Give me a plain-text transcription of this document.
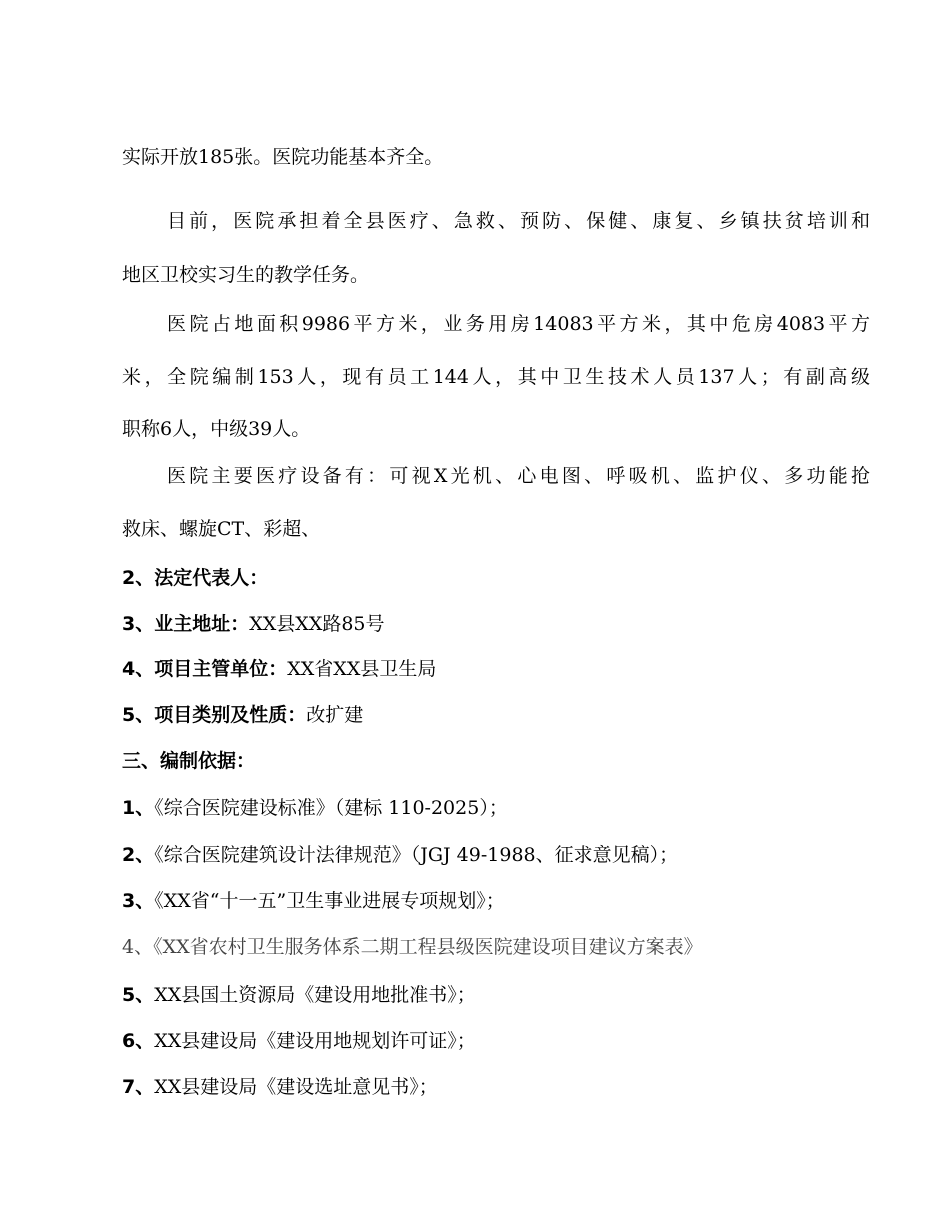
实际开放185张。医院功能基本齐全。
目前，医院承担着全县医疗、急救、预防、保健、康复、乡镇扶贫培训和
地区卫校实习生的教学任务。
医院占地面积9986平方米，业务用房14083平方米，其中危房4083平方
米，全院编制153人，现有员工144人，其中卫生技术人员137人；有副高级
职称6人，中级39人。
医院主要医疗设备有：可视X光机、心电图、呼吸机、监护仪、多功能抢
救床、螺旋CT、彩超、
2、法定代表人：
3、业主地址：XX县XX路85号
4、项目主管单位：XX省XX县卫生局
5、项目类别及性质：改扩建
三、编制依据：
1、《综合医院建设标准》（建标 110-2025）；
2、《综合医院建筑设计法律规范》（JGJ 49-1988、征求意见稿）；
3、《XX省“十一五”卫生事业进展专项规划》；
4、《XX省农村卫生服务体系二期工程县级医院建设项目建议方案表》
5、XX县国土资源局《建设用地批准书》；
6、XX县建设局《建设用地规划许可证》；
7、XX县建设局《建设选址意见书》；
